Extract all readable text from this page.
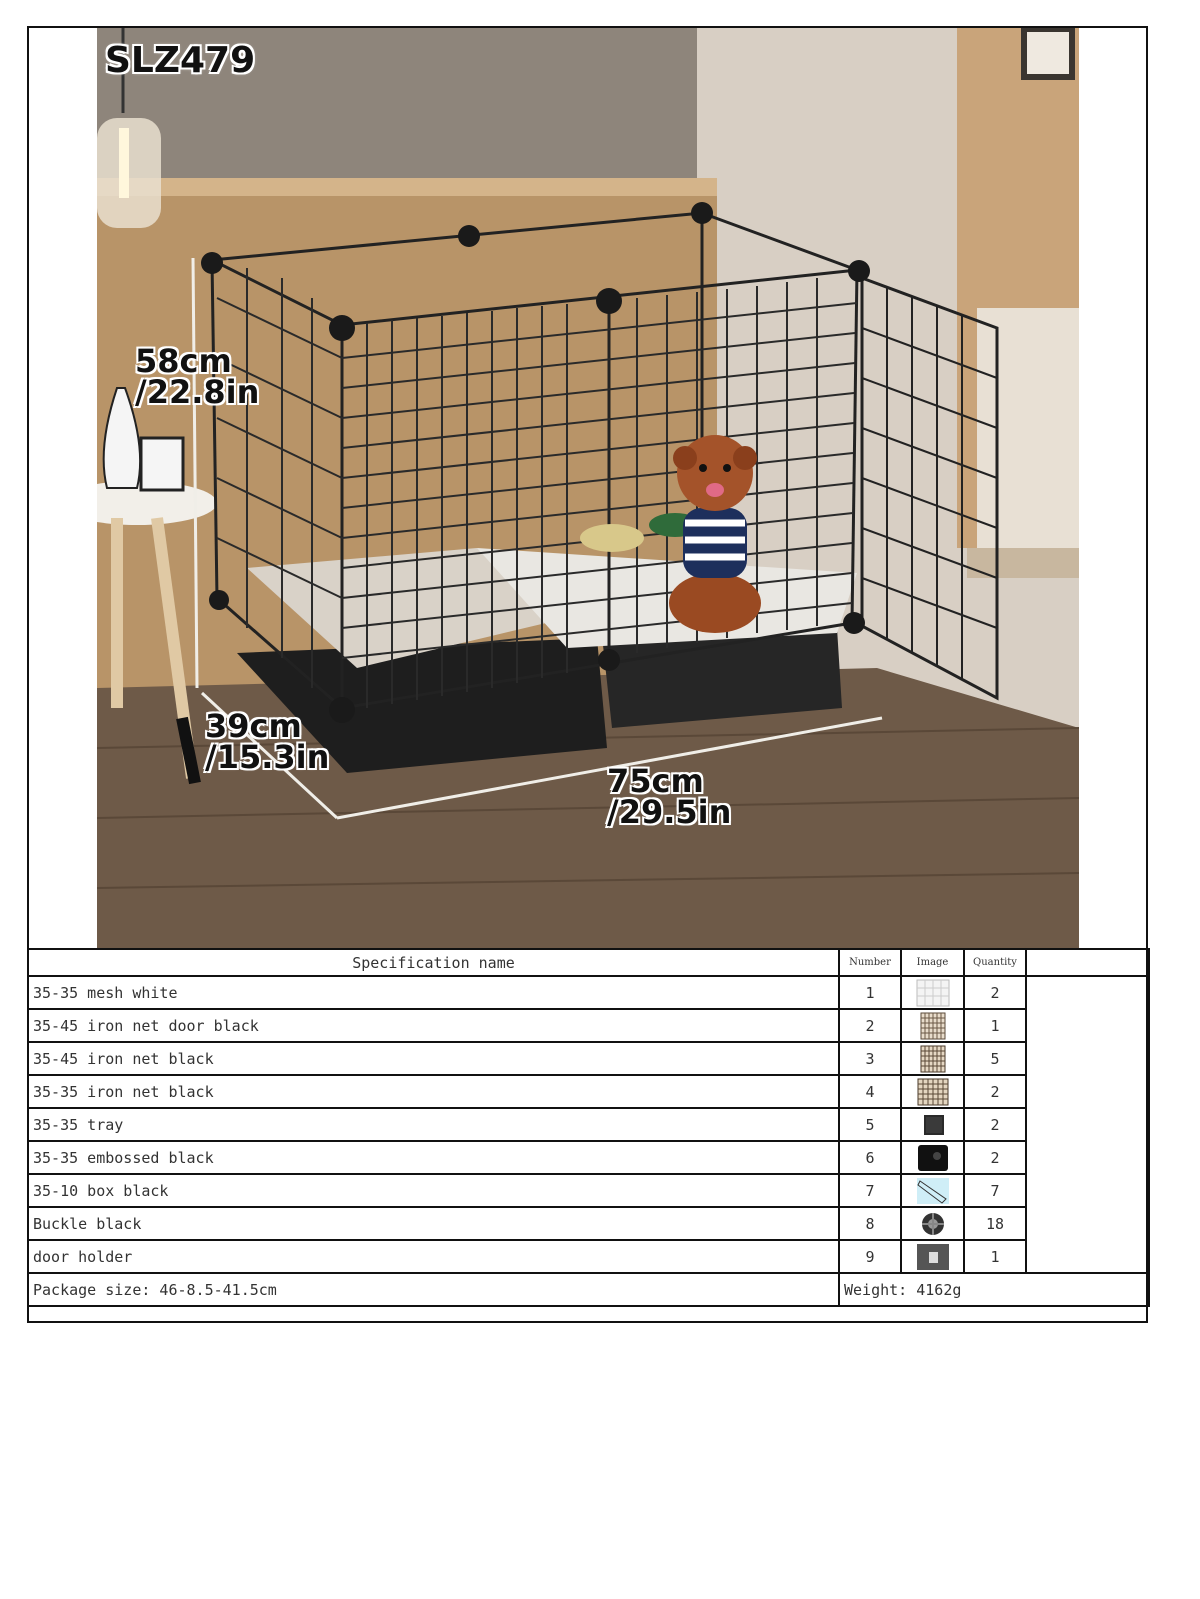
SLZ479
58cm
/22.8in
39cm
/15.3in
75cm
/29.5in
Specification name	Number	Image	Quantity	
35-35 mesh white	1		2	
35-45 iron net door black	2		1	
35-45 iron net black	3		5	
35-35 iron net black	4		2	
35-35 tray	5		2	
35-35 embossed black	6		2	
35-10 box black	7		7	
Buckle black	8		18	
door holder	9		1	
Package size: 46-8.5-41.5cm	Weight: 4162g			
